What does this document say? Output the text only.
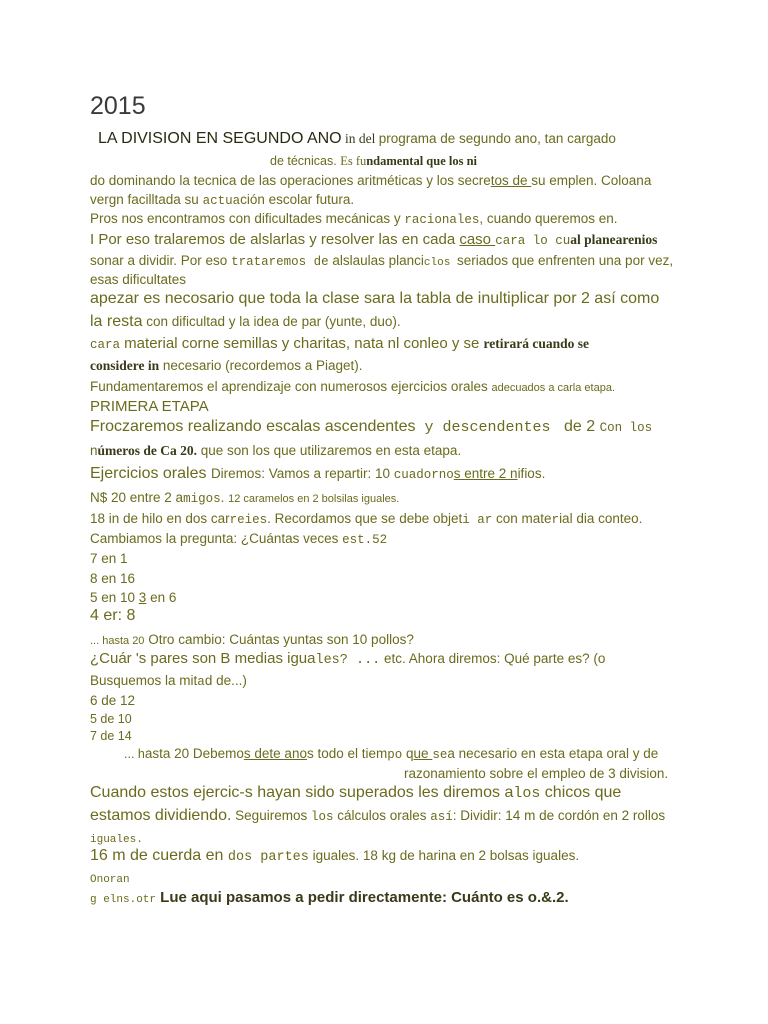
2015
LA DIVISION EN SEGUNDO ANO in del programa de segundo ano, tan cargado
de técnicas. Es fundamental que los ni
do dominando la tecnica de las operaciones aritméticas y los secretos de su emplen. Coloana
vergn facilltada su actuación escolar futura.
Pros nos encontramos con dificultades mecánicas y racionales, cuando queremos en.
I Por eso tralaremos de alslarlas y resolver las en cada caso cara lo cual planearenios
sonar a dividir. Por eso trataremos de alslaulas planciclos seriados que enfrenten una por vez,
esas dificultates
apezar es necosario que toda la clase sara la tabla de inultiplicar por 2 así como
la resta con dificultad y la idea de par (yunte, duo).
cara material corne semillas y charitas, nata nl conleo y se retirará cuando se
considere in necesario (recordemos a Piaget).
Fundamentaremos el aprendizaje con numerosos ejercicios orales adecuados a carla etapa.
PRIMERA ETAPA
Froczaremos realizando escalas ascendentes y descendentes  de 2 Con los
números de Ca 20. que son los que utilizaremos en esta etapa.
Ejercicios orales Diremos: Vamos a repartir: 10 cuadornos entre 2 nifios.
N$ 20 entre 2 amigos. 12 caramelos en 2 bolsilas iguales.
18 in de hilo en dos carreies. Recordamos que se debe objeti ar con material dia conteo.
Cambiamos la pregunta: ¿Cuántas veces est.52
7 en 1
8 en 16
5 en 10 3 en 6
4 er: 8
... hasta 20 Otro cambio: Cuántas yuntas son 10 pollos?
¿Cuár 's pares son B medias iguales? ... etc. Ahora diremos: Qué parte es? (o
Busquemos la mitad de...)
6 de 12
5 de 10
7 de 14
... hasta 20 Debemos dete anos todo el tiempo que sea necesario en esta etapa oral y de
razonamiento sobre el empleo de 3 division.
Cuando estos ejercic-s hayan sido superados les diremos alos chicos que
estamos dividiendo. Seguiremos los cálculos orales así: Dividir: 14 m de cordón en 2 rollos
iguales.
16 m de cuerda en dos partes iguales. 18 kg de harina en 2 bolsas iguales.
Onoran
g elns.otr Lue aqui pasamos a pedir directamente: Cuánto es o.&.2.
